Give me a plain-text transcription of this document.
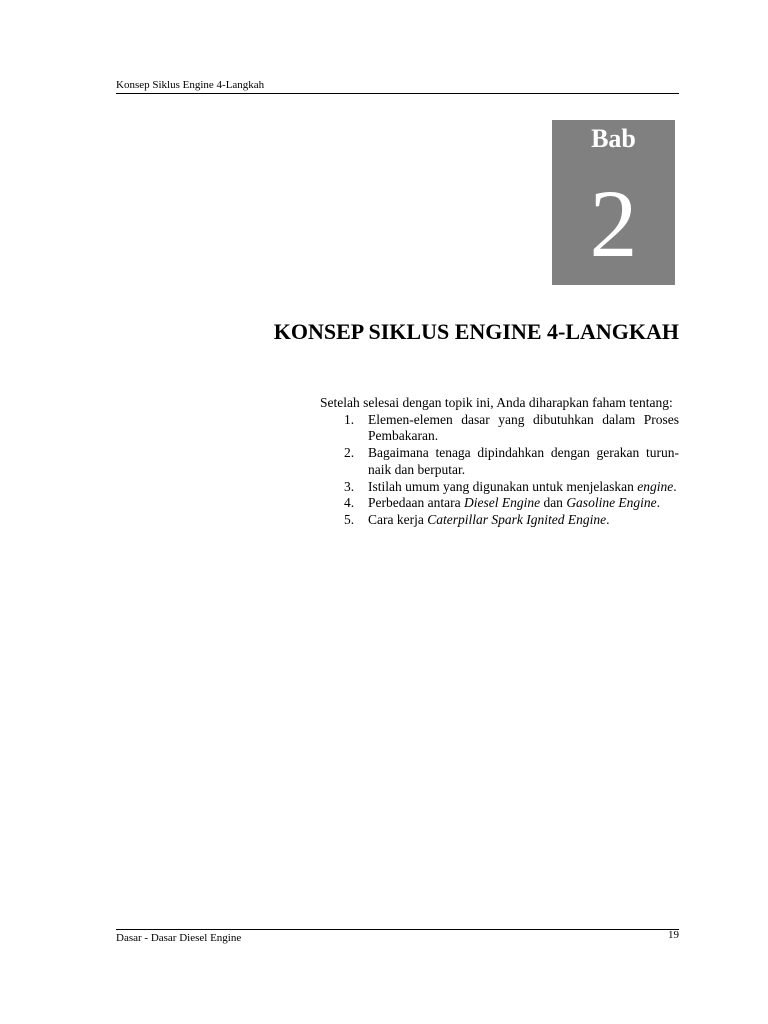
Konsep Siklus Engine 4-Langkah
Bab
2
KONSEP SIKLUS ENGINE 4-LANGKAH

Setelah selesai dengan topik ini, Anda diharapkan faham tentang:

1. Elemen-elemen dasar yang dibutuhkan dalam Proses Pembakaran.
2. Bagaimana tenaga dipindahkan dengan gerakan turun-naik dan berputar.
3. Istilah umum yang digunakan untuk menjelaskan engine.
4. Perbedaan antara Diesel Engine dan Gasoline Engine.
5. Cara kerja Caterpillar Spark Ignited Engine.
Dasar - Dasar Diesel Engine	19
